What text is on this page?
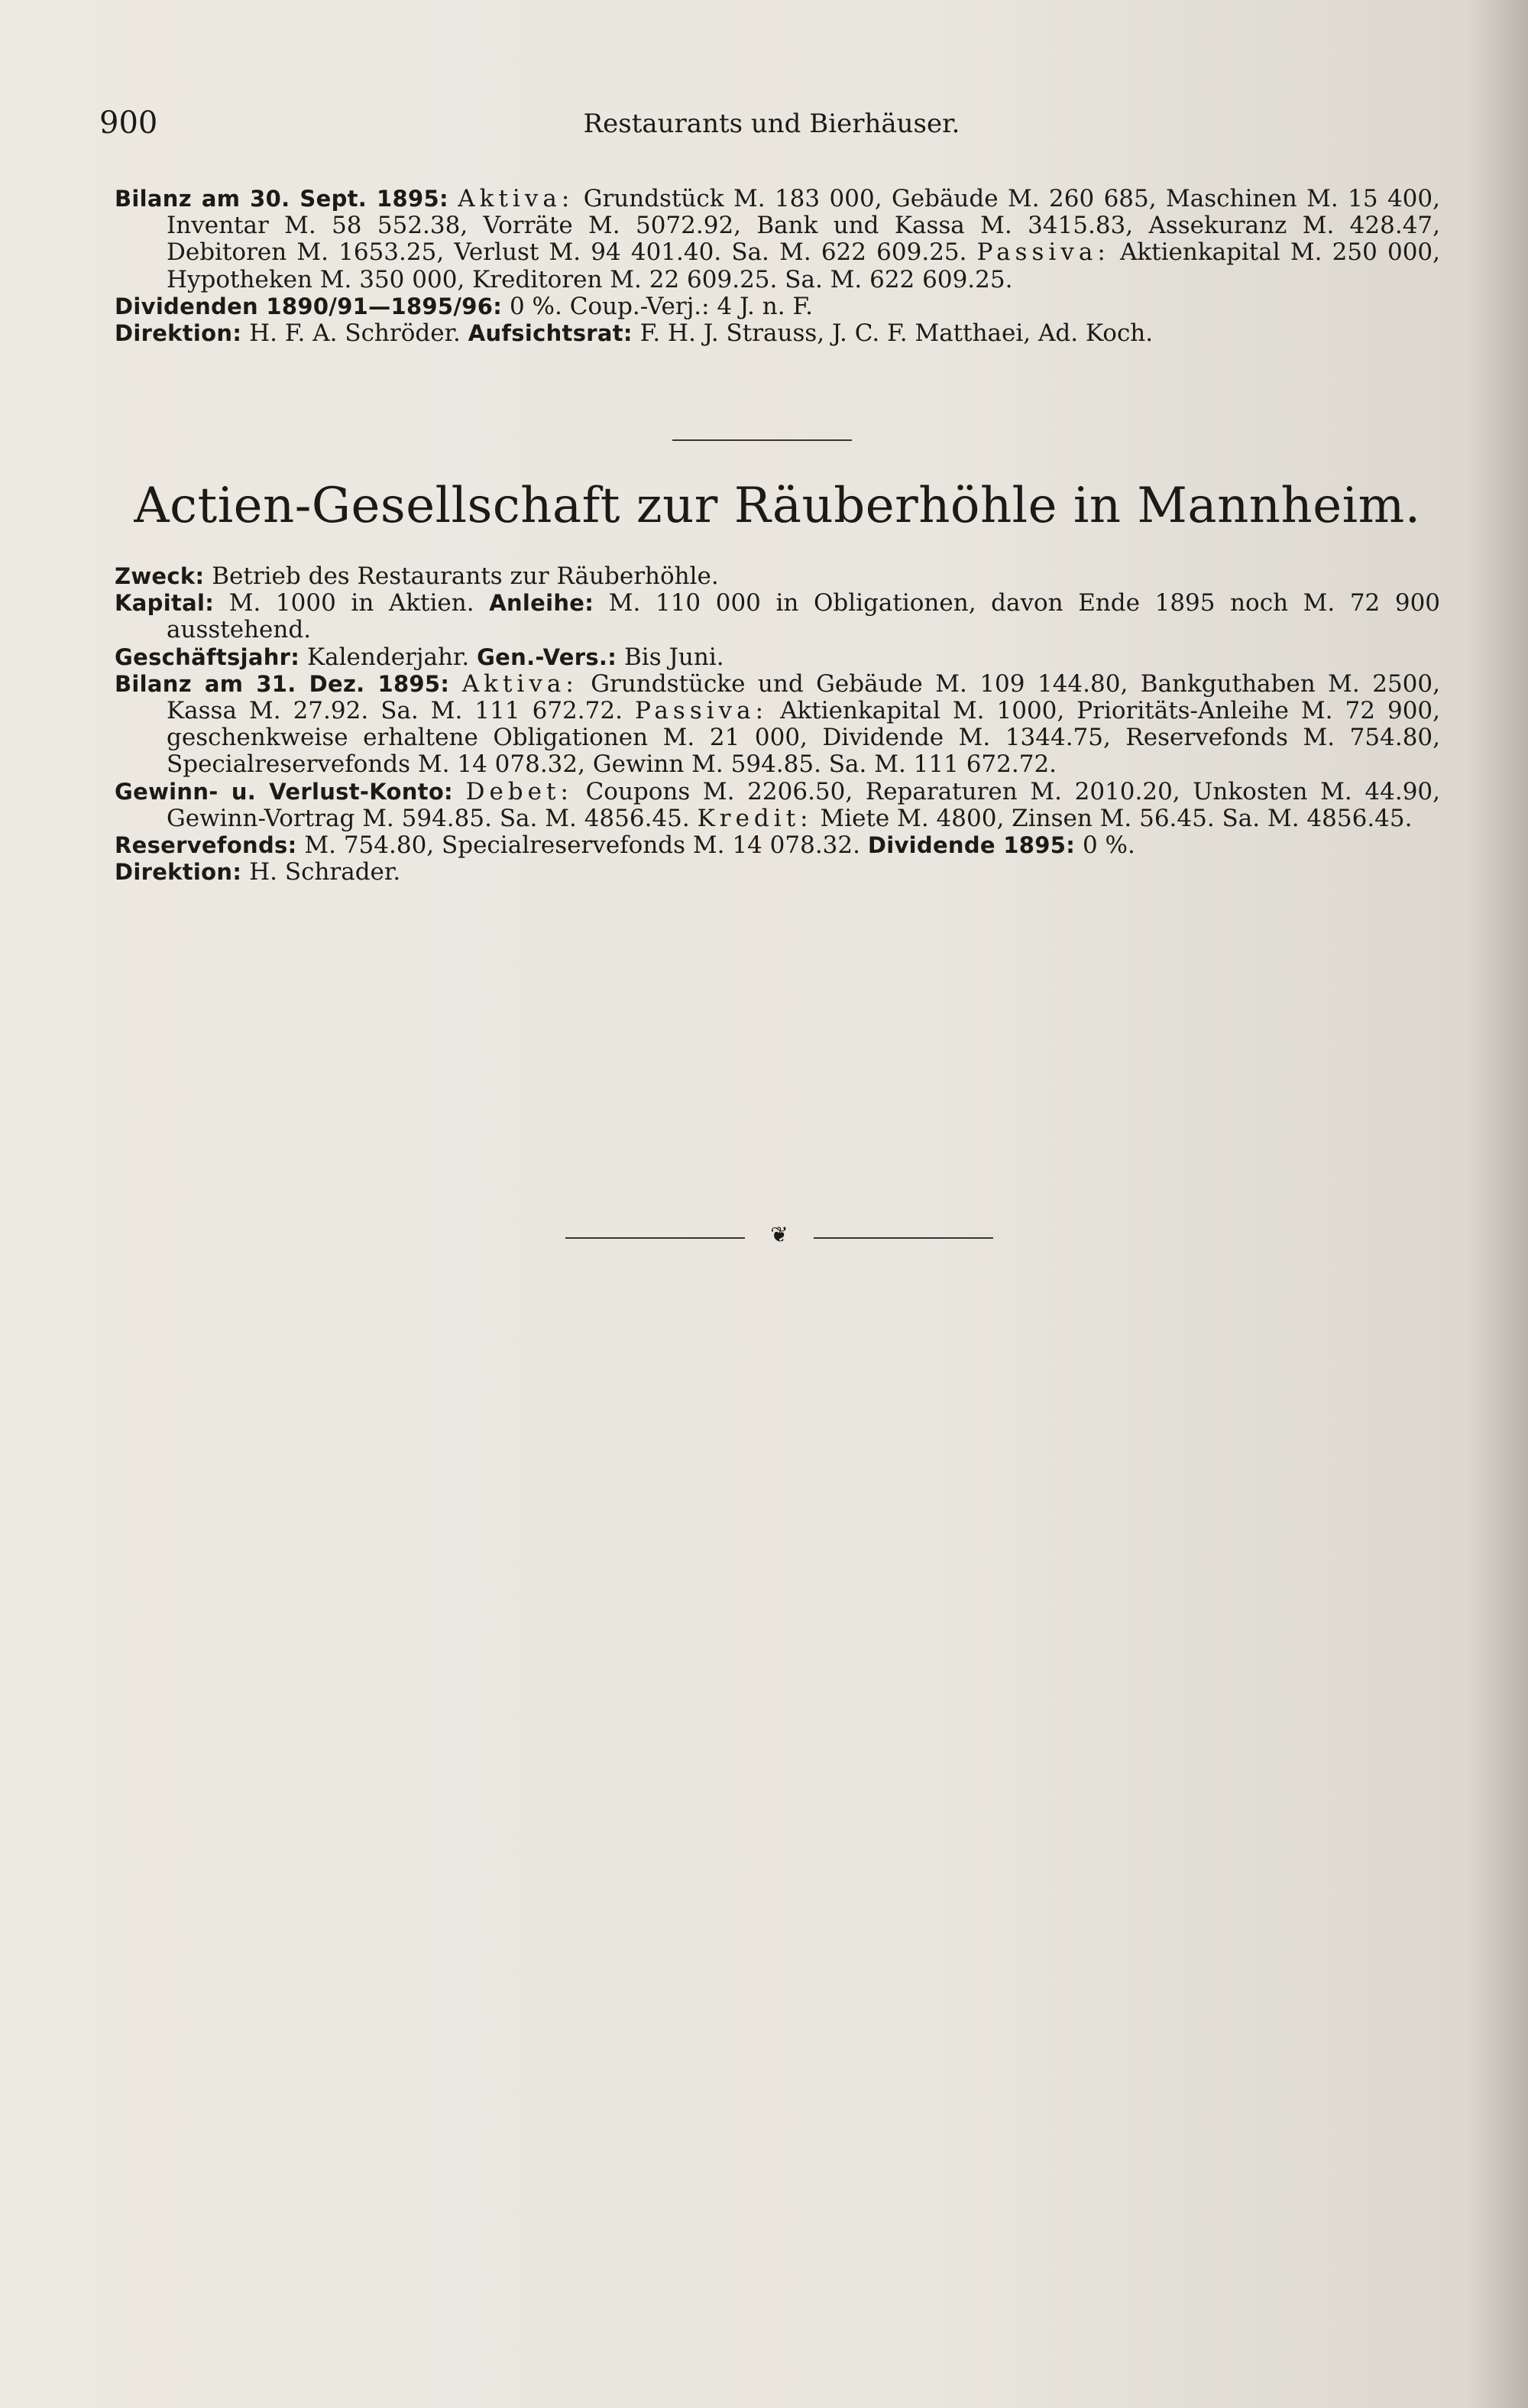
900	Restaurants und Bierhäuser.

Bilanz am 30. Sept. 1895: Aktiva: Grundstück M. 183 000, Gebäude M. 260 685, Maschinen M. 15 400, Inventar M. 58 552.38, Vorräte M. 5072.92, Bank und Kassa M. 3415.83, Assekuranz M. 428.47, Debitoren M. 1653.25, Verlust M. 94 401.40. Sa. M. 622 609.25. Passiva: Aktienkapital M. 250 000, Hypotheken M. 350 000, Kreditoren M. 22 609.25. Sa. M. 622 609.25.

Dividenden 1890/91—1895/96: 0 %. Coup.-Verj.: 4 J. n. F.

Direktion: H. F. A. Schröder. Aufsichtsrat: F. H. J. Strauss, J. C. F. Matthaei, Ad. Koch.

Actien-Gesellschaft zur Räuberhöhle in Mannheim.

Zweck: Betrieb des Restaurants zur Räuberhöhle.

Kapital: M. 1000 in Aktien. Anleihe: M. 110 000 in Obligationen, davon Ende 1895 noch M. 72 900 ausstehend.

Geschäftsjahr: Kalenderjahr. Gen.-Vers.: Bis Juni.

Bilanz am 31. Dez. 1895: Aktiva: Grundstücke und Gebäude M. 109 144.80, Bankguthaben M. 2500, Kassa M. 27.92. Sa. M. 111 672.72. Passiva: Aktienkapital M. 1000, Prioritäts-Anleihe M. 72 900, geschenkweise erhaltene Obligationen M. 21 000, Dividende M. 1344.75, Reservefonds M. 754.80, Specialreservefonds M. 14 078.32, Gewinn M. 594.85. Sa. M. 111 672.72.

Gewinn- u. Verlust-Konto: Debet: Coupons M. 2206.50, Reparaturen M. 2010.20, Unkosten M. 44.90, Gewinn-Vortrag M. 594.85. Sa. M. 4856.45. Kredit: Miete M. 4800, Zinsen M. 56.45. Sa. M. 4856.45.

Reservefonds: M. 754.80, Specialreservefonds M. 14 078.32. Dividende 1895: 0 %.

Direktion: H. Schrader.

❦
